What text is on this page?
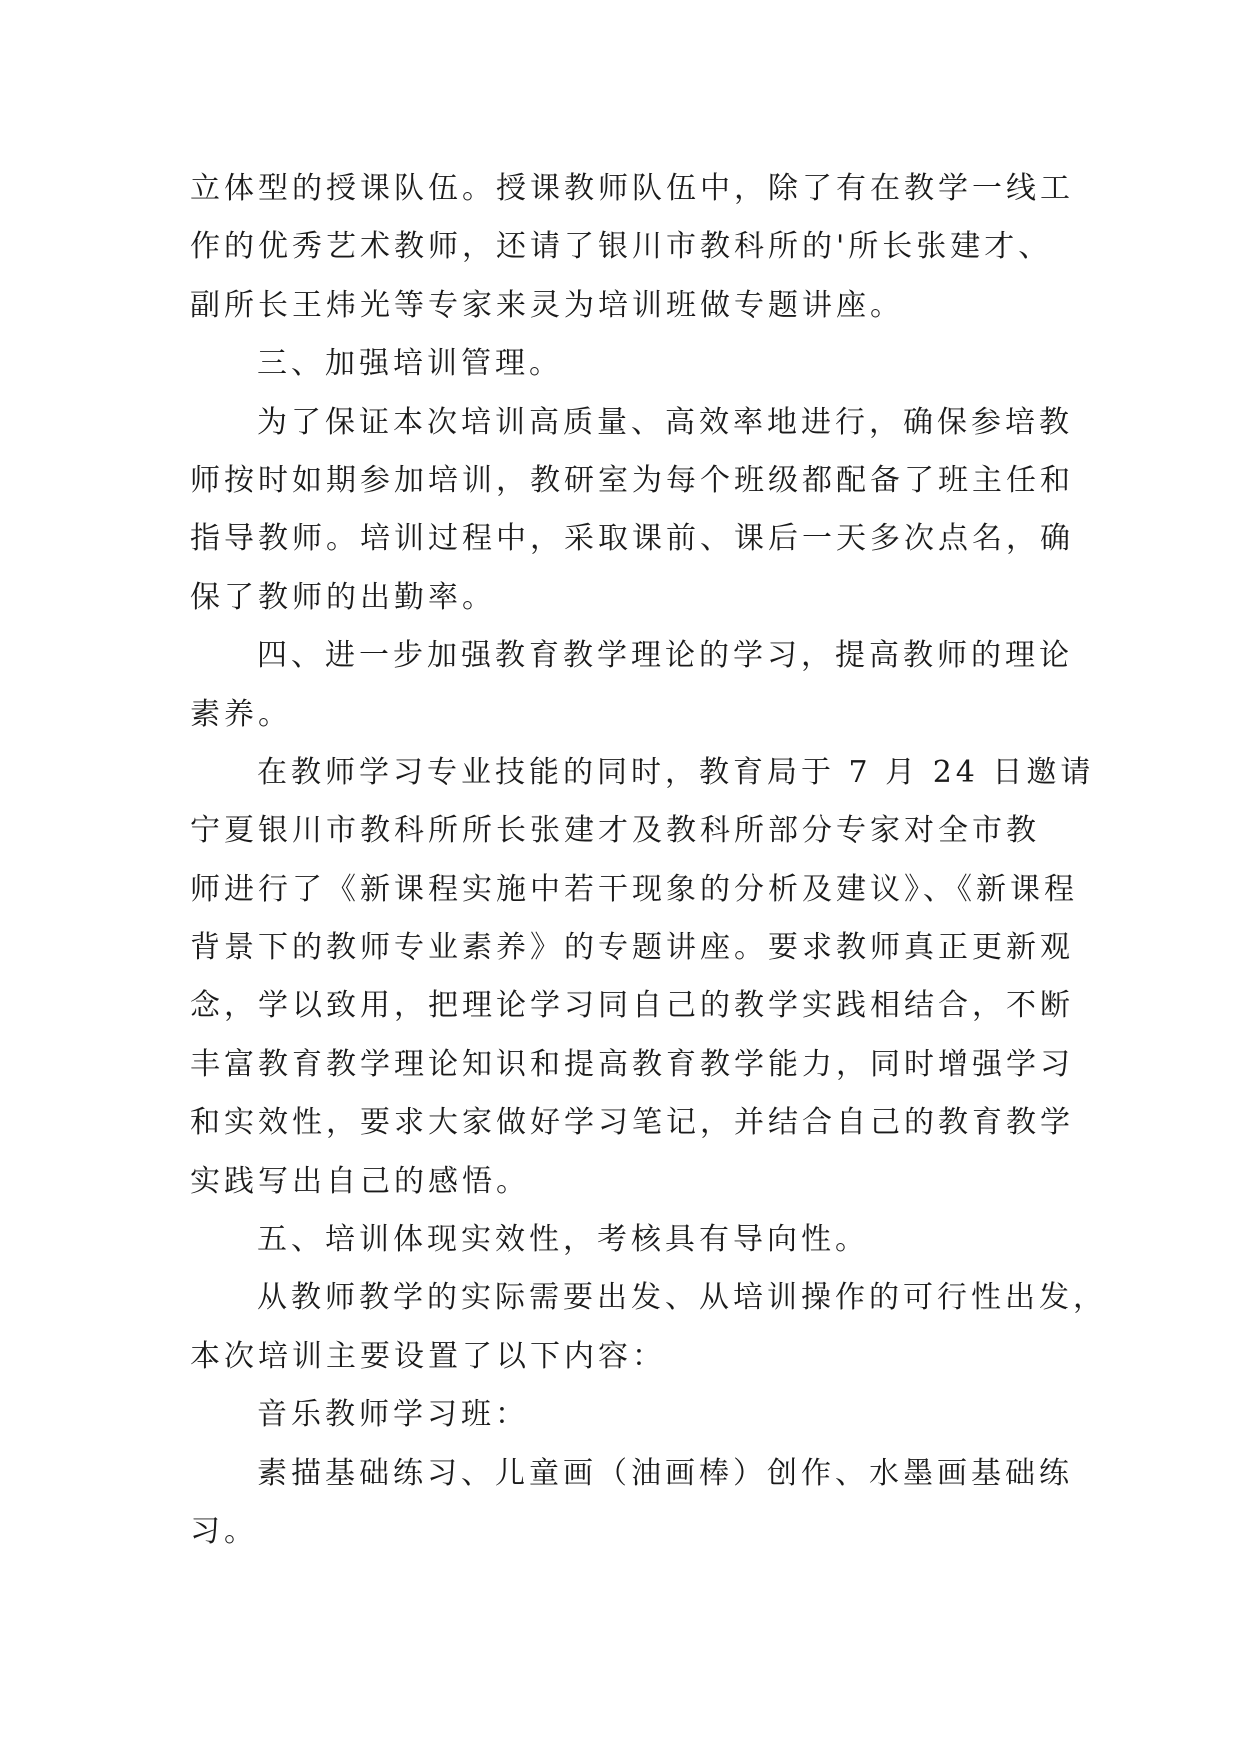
立体型的授课队伍。授课教师队伍中，除了有在教学一线工
作的优秀艺术教师，还请了银川市教科所的'所长张建才、
副所长王炜光等专家来灵为培训班做专题讲座。
三、加强培训管理。
为了保证本次培训高质量、高效率地进行，确保参培教
师按时如期参加培训，教研室为每个班级都配备了班主任和
指导教师。培训过程中，采取课前、课后一天多次点名，确
保了教师的出勤率。
四、进一步加强教育教学理论的学习，提高教师的理论
素养。
在教师学习专业技能的同时，教育局于 7 月 24 日邀请
宁夏银川市教科所所长张建才及教科所部分专家对全市教
师进行了《新课程实施中若干现象的分析及建议》、《新课程
背景下的教师专业素养》的专题讲座。要求教师真正更新观
念，学以致用，把理论学习同自己的教学实践相结合，不断
丰富教育教学理论知识和提高教育教学能力，同时增强学习
和实效性，要求大家做好学习笔记，并结合自己的教育教学
实践写出自己的感悟。
五、培训体现实效性，考核具有导向性。
从教师教学的实际需要出发、从培训操作的可行性出发，
本次培训主要设置了以下内容：
音乐教师学习班：
素描基础练习、儿童画（油画棒）创作、水墨画基础练
习。
